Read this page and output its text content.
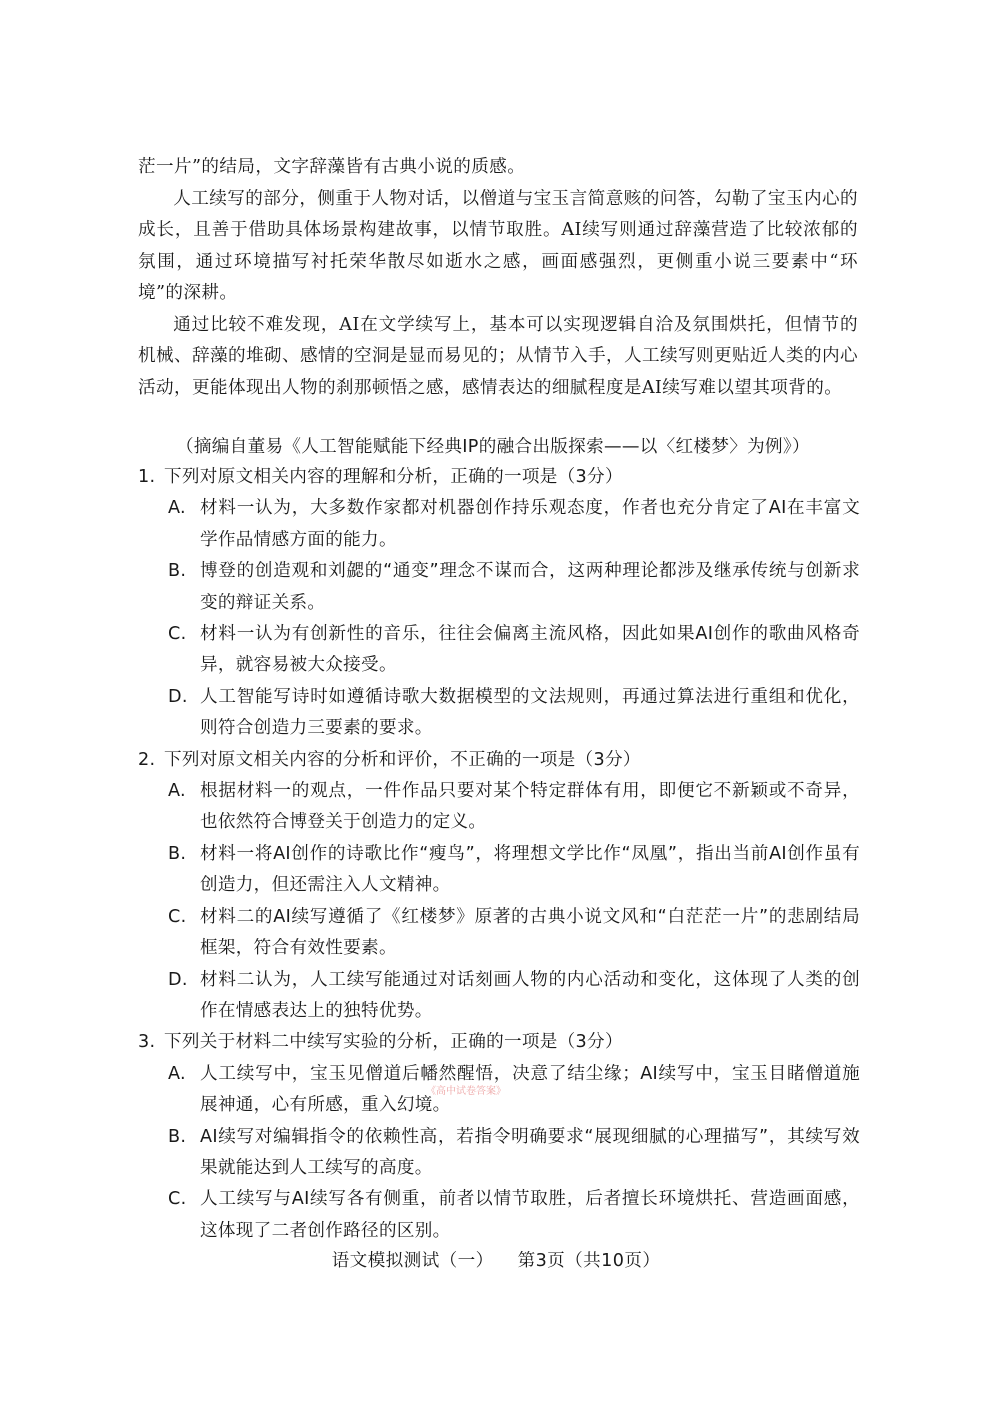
茫一片”的结局，文字辞藻皆有古典小说的质感。

人工续写的部分，侧重于人物对话，以僧道与宝玉言简意赅的问答，勾勒了宝玉内心的成长，且善于借助具体场景构建故事，以情节取胜。AI续写则通过辞藻营造了比较浓郁的氛围，通过环境描写衬托荣华散尽如逝水之感，画面感强烈，更侧重小说三要素中“环境”的深耕。

通过比较不难发现，AI在文学续写上，基本可以实现逻辑自洽及氛围烘托，但情节的机械、辞藻的堆砌、感情的空洞是显而易见的；从情节入手，人工续写则更贴近人类的内心活动，更能体现出人物的刹那顿悟之感，感情表达的细腻程度是AI续写难以望其项背的。

（摘编自董易《人工智能赋能下经典IP的融合出版探索——以〈红楼梦〉为例》）
1. 下列对原文相关内容的理解和分析，正确的一项是（3分）
A. 材料一认为，大多数作家都对机器创作持乐观态度，作者也充分肯定了AI在丰富文学作品情感方面的能力。
B. 博登的创造观和刘勰的“通变”理念不谋而合，这两种理论都涉及继承传统与创新求变的辩证关系。
C. 材料一认为有创新性的音乐，往往会偏离主流风格，因此如果AI创作的歌曲风格奇异，就容易被大众接受。
D. 人工智能写诗时如遵循诗歌大数据模型的文法规则，再通过算法进行重组和优化，则符合创造力三要素的要求。
2. 下列对原文相关内容的分析和评价，不正确的一项是（3分）
A. 根据材料一的观点，一件作品只要对某个特定群体有用，即便它不新颖或不奇异，也依然符合博登关于创造力的定义。
B. 材料一将AI创作的诗歌比作“瘦鸟”，将理想文学比作“凤凰”，指出当前AI创作虽有创造力，但还需注入人文精神。
C. 材料二的AI续写遵循了《红楼梦》原著的古典小说文风和“白茫茫一片”的悲剧结局框架，符合有效性要素。
D. 材料二认为，人工续写能通过对话刻画人物的内心活动和变化，这体现了人类的创作在情感表达上的独特优势。
3. 下列关于材料二中续写实验的分析，正确的一项是（3分）
A. 人工续写中，宝玉见僧道后幡然醒悟，决意了结尘缘；AI续写中，宝玉目睹僧道施展神通，心有所感，重入幻境。
B. AI续写对编辑指令的依赖性高，若指令明确要求“展现细腻的心理描写”，其续写效果就能达到人工续写的高度。
C. 人工续写与AI续写各有侧重，前者以情节取胜，后者擅长环境烘托、营造画面感，这体现了二者创作路径的区别。
《高中试卷答案》
语文模拟测试（一） 第3页（共10页）
